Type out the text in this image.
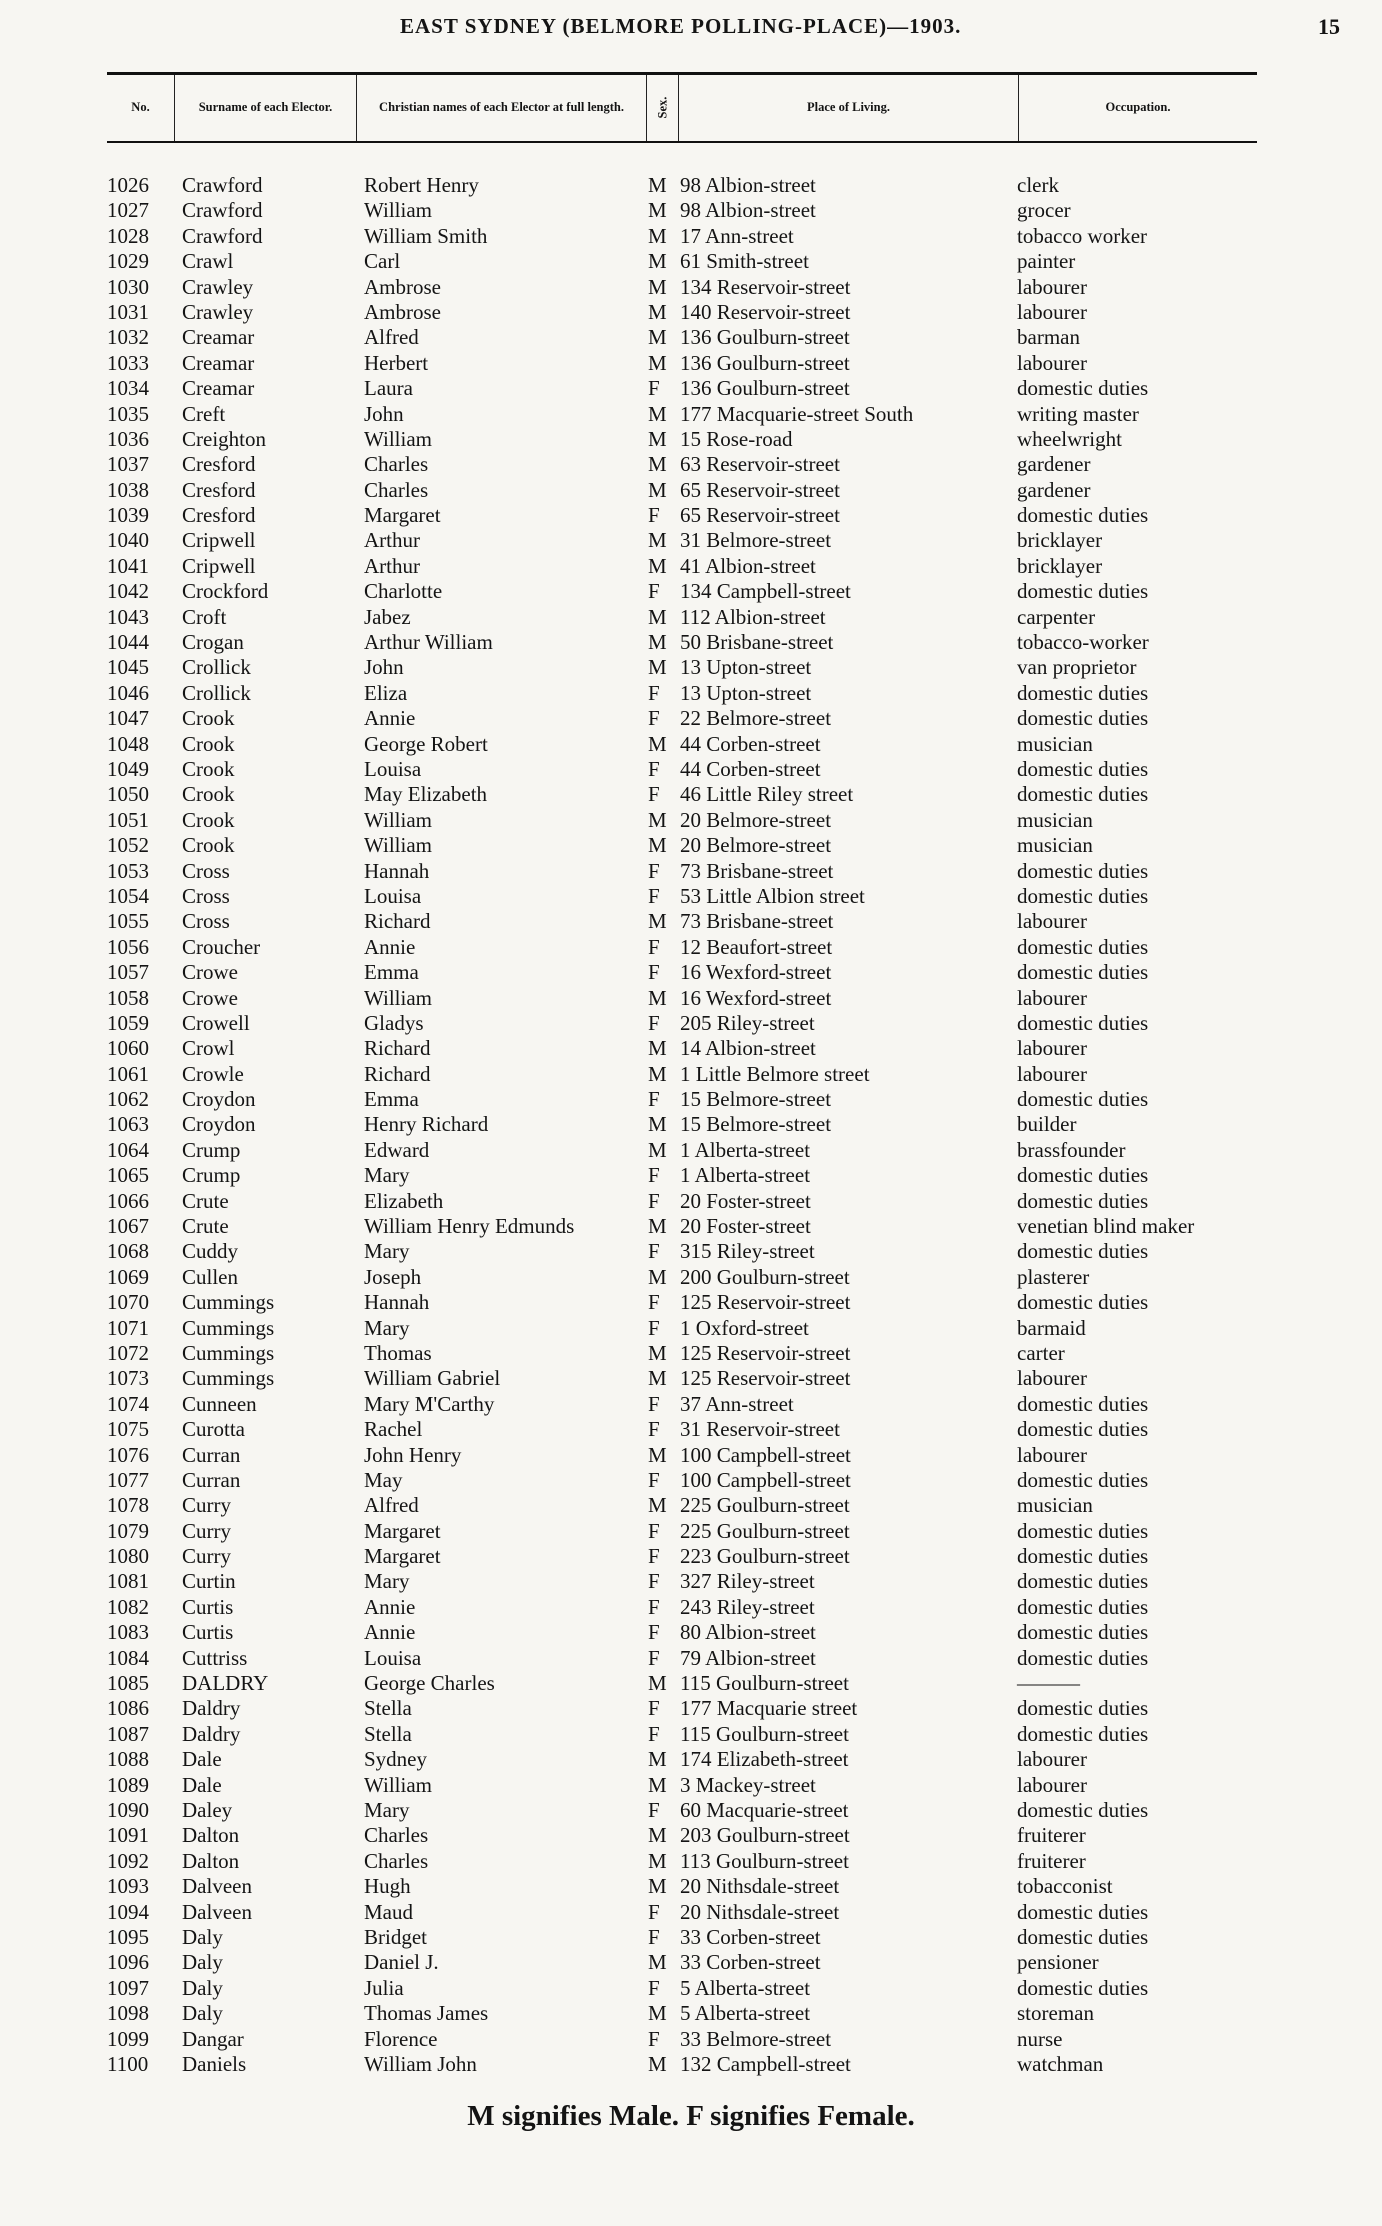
EAST SYDNEY (BELMORE POLLING-PLACE)—1903.	15
No.	Surname of each Elector.	Christian names of each Elector at full length. Sex.	Place of Living.	Occupation.
1026 Crawford	Robert Henry	M 98 Albion-street	clerk
1027 Crawford	William	M 98 Albion-street	grocer
1028 Crawford	William Smith	M 17 Ann-street	tobacco worker
1029 Crawl	Carl	M 61 Smith-street	painter
1030 Crawley	Ambrose	M 134 Reservoir-street	labourer
1031 Crawley	Ambrose	M 140 Reservoir-street	labourer
1032 Creamar	Alfred	M 136 Goulburn-street	barman
1033 Creamar	Herbert	M 136 Goulburn-street	labourer
1034 Creamar	Laura	F 136 Goulburn-street	domestic duties
1035 Creft	John	M 177 Macquarie-street South	writing master
1036 Creighton	William	M 15 Rose-road	wheelwright
1037 Cresford	Charles	M 63 Reservoir-street	gardener
1038 Cresford	Charles	M 65 Reservoir-street	gardener
1039 Cresford	Margaret	F 65 Reservoir-street	domestic duties
1040 Cripwell	Arthur	M 31 Belmore-street	bricklayer
1041 Cripwell	Arthur	M 41 Albion-street	bricklayer
1042 Crockford	Charlotte	F 134 Campbell-street	domestic duties
1043 Croft	Jabez	M 112 Albion-street	carpenter
1044 Crogan	Arthur William	M 50 Brisbane-street	tobacco-worker
1045 Crollick	John	M 13 Upton-street	van proprietor
1046 Crollick	Eliza	F 13 Upton-street	domestic duties
1047 Crook	Annie	F 22 Belmore-street	domestic duties
1048 Crook	George Robert	M 44 Corben-street	musician
1049 Crook	Louisa	F 44 Corben-street	domestic duties
1050 Crook	May Elizabeth	F 46 Little Riley street	domestic duties
1051 Crook	William	M 20 Belmore-street	musician
1052 Crook	William	M 20 Belmore-street	musician
1053 Cross	Hannah	F 73 Brisbane-street	domestic duties
1054 Cross	Louisa	F 53 Little Albion street	domestic duties
1055 Cross	Richard	M 73 Brisbane-street	labourer
1056 Croucher	Annie	F 12 Beaufort-street	domestic duties
1057 Crowe	Emma	F 16 Wexford-street	domestic duties
1058 Crowe	William	M 16 Wexford-street	labourer
1059 Crowell	Gladys	F 205 Riley-street	domestic duties
1060 Crowl	Richard	M 14 Albion-street	labourer
1061 Crowle	Richard	M 1 Little Belmore street	labourer
1062 Croydon	Emma	F 15 Belmore-street	domestic duties
1063 Croydon	Henry Richard	M 15 Belmore-street	builder
1064 Crump	Edward	M 1 Alberta-street	brassfounder
1065 Crump	Mary	F 1 Alberta-street	domestic duties
1066 Crute	Elizabeth	F 20 Foster-street	domestic duties
1067 Crute	William Henry Edmunds	M 20 Foster-street	venetian blind maker
1068 Cuddy	Mary	F 315 Riley-street	domestic duties
1069 Cullen	Joseph	M 200 Goulburn-street	plasterer
1070 Cummings	Hannah	F 125 Reservoir-street	domestic duties
1071 Cummings	Mary	F 1 Oxford-street	barmaid
1072 Cummings	Thomas	M 125 Reservoir-street	carter
1073 Cummings	William Gabriel	M 125 Reservoir-street	labourer
1074 Cunneen	Mary M'Carthy	F 37 Ann-street	domestic duties
1075 Curotta	Rachel	F 31 Reservoir-street	domestic duties
1076 Curran	John Henry	M 100 Campbell-street	labourer
1077 Curran	May	F 100 Campbell-street	domestic duties
1078 Curry	Alfred	M 225 Goulburn-street	musician
1079 Curry	Margaret	F 225 Goulburn-street	domestic duties
1080 Curry	Margaret	F 223 Goulburn-street	domestic duties
1081 Curtin	Mary	F 327 Riley-street	domestic duties
1082 Curtis	Annie	F 243 Riley-street	domestic duties
1083 Curtis	Annie	F 80 Albion-street	domestic duties
1084 Cuttriss	Louisa	F 79 Albion-street	domestic duties
1085 DALDRY	George Charles	M 115 Goulburn-street	———
1086 Daldry	Stella	F 177 Macquarie street	domestic duties
1087 Daldry	Stella	F 115 Goulburn-street	domestic duties
1088 Dale	Sydney	M 174 Elizabeth-street	labourer
1089 Dale	William	M 3 Mackey-street	labourer
1090 Daley	Mary	F 60 Macquarie-street	domestic duties
1091 Dalton	Charles	M 203 Goulburn-street	fruiterer
1092 Dalton	Charles	M 113 Goulburn-street	fruiterer
1093 Dalveen	Hugh	M 20 Nithsdale-street	tobacconist
1094 Dalveen	Maud	F 20 Nithsdale-street	domestic duties
1095 Daly	Bridget	F 33 Corben-street	domestic duties
1096 Daly	Daniel J.	M 33 Corben-street	pensioner
1097 Daly	Julia	F 5 Alberta-street	domestic duties
1098 Daly	Thomas James	M 5 Alberta-street	storeman
1099 Dangar	Florence	F 33 Belmore-street	nurse
1100 Daniels	William John	M 132 Campbell-street	watchman
M signifies Male. F signifies Female.
